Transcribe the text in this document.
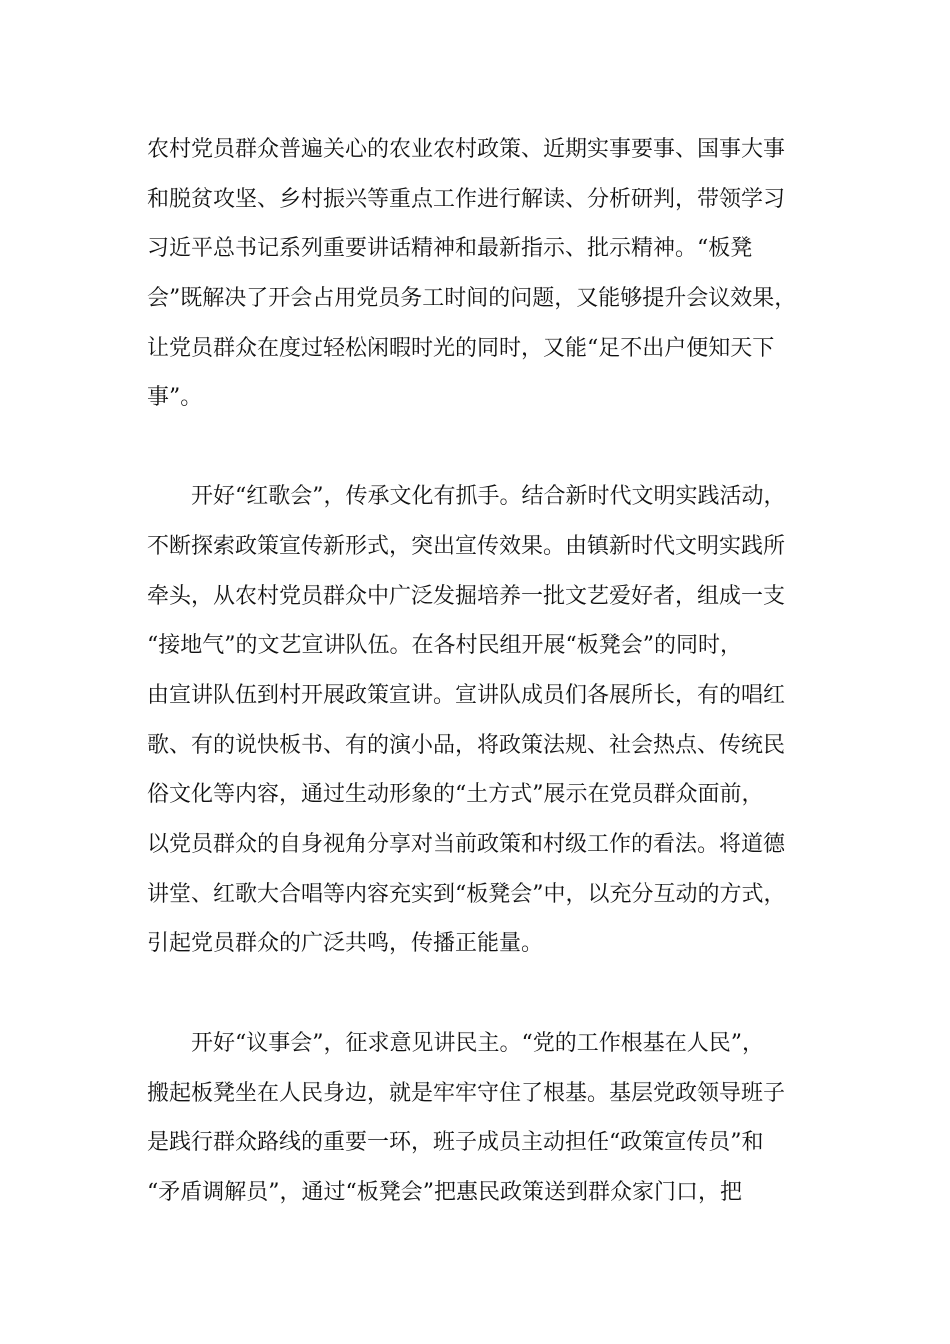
农村党员群众普遍关心的农业农村政策、近期实事要事、国事大事
和脱贫攻坚、乡村振兴等重点工作进行解读、分析研判，带领学习
习近平总书记系列重要讲话精神和最新指示、批示精神。“板凳
会”既解决了开会占用党员务工时间的问题，又能够提升会议效果，
让党员群众在度过轻松闲暇时光的同时，又能“足不出户便知天下
事”。
开好“红歌会”，传承文化有抓手。结合新时代文明实践活动，
不断探索政策宣传新形式，突出宣传效果。由镇新时代文明实践所
牵头，从农村党员群众中广泛发掘培养一批文艺爱好者，组成一支
“接地气”的文艺宣讲队伍。在各村民组开展“板凳会”的同时，
由宣讲队伍到村开展政策宣讲。宣讲队成员们各展所长，有的唱红
歌、有的说快板书、有的演小品，将政策法规、社会热点、传统民
俗文化等内容，通过生动形象的“土方式”展示在党员群众面前，
以党员群众的自身视角分享对当前政策和村级工作的看法。将道德
讲堂、红歌大合唱等内容充实到“板凳会”中，以充分互动的方式，
引起党员群众的广泛共鸣，传播正能量。
开好“议事会”，征求意见讲民主。“党的工作根基在人民”，
搬起板凳坐在人民身边，就是牢牢守住了根基。基层党政领导班子
是践行群众路线的重要一环，班子成员主动担任“政策宣传员”和
“矛盾调解员”，通过“板凳会”把惠民政策送到群众家门口，把
